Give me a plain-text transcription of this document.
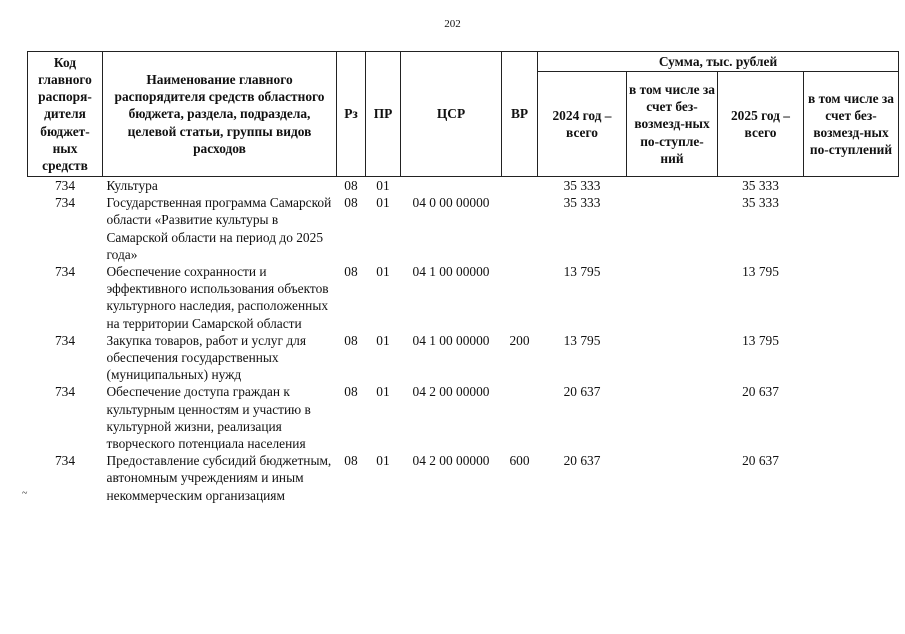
202
~
Код главного распоря-дителя бюджет-ных средств	Наименование главного распорядителя средств областного бюджета, раздела, подраздела, целевой статьи, группы видов расходов	Рз	ПР	ЦСР	ВР	Сумма, тыс. рублей			
						2024 год – всего	в том числе за счет без-возмезд-ных по-ступле-ний	2025 год – всего	в том числе за счет без-возмезд-ных по-ступлений
734	Культура	08	01			35 333		35 333	
734	Государственная программа Самарской области «Развитие культуры в Самарской области на период до 2025 года»	08	01	04 0 00 00000		35 333		35 333	
734	Обеспечение сохранности и эффективного использования объектов культурного наследия, расположенных на территории Самарской области	08	01	04 1 00 00000		13 795		13 795	
734	Закупка товаров, работ и услуг для обеспечения государственных (муниципальных) нужд	08	01	04 1 00 00000	200	13 795		13 795	
734	Обеспечение доступа граждан к культурным ценностям и участию в культурной жизни, реализация творческого потенциала населения	08	01	04 2 00 00000		20 637		20 637	
734	Предоставление субсидий бюджетным, автономным учреждениям и иным некоммерческим организациям	08	01	04 2 00 00000	600	20 637		20 637	
